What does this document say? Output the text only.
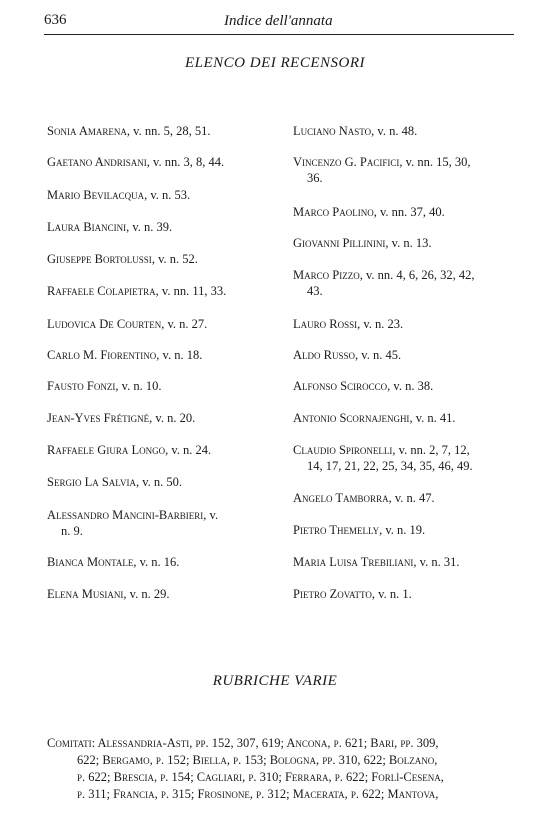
636	Indice dell'annata
ELENCO DEI RECENSORI
Sonia Amarena, v. nn. 5, 28, 51.
Gaetano Andrisani, v. nn. 3, 8, 44.
Mario Bevilacqua, v. n. 53.
Laura Biancini, v. n. 39.
Giuseppe Bortolussi, v. n. 52.
Raffaele Colapietra, v. nn. 11, 33.
Ludovica De Courten, v. n. 27.
Carlo M. Fiorentino, v. n. 18.
Fausto Fonzi, v. n. 10.
Jean-Yves Frétigné, v. n. 20.
Raffaele Giura Longo, v. n. 24.
Sergio La Salvia, v. n. 50.
Alessandro Mancini-Barbieri, v.
n. 9.
Bianca Montale, v. n. 16.
Elena Musiani, v. n. 29.
Luciano Nasto, v. n. 48.
Vincenzo G. Pacifici, v. nn. 15, 30,
36.
Marco Paolino, v. nn. 37, 40.
Giovanni Pillinini, v. n. 13.
Marco Pizzo, v. nn. 4, 6, 26, 32, 42,
43.
Lauro Rossi, v. n. 23.
Aldo Russo, v. n. 45.
Alfonso Scirocco, v. n. 38.
Antonio Scornajenghi, v. n. 41.
Claudio Spironelli, v. nn. 2, 7, 12,
14, 17, 21, 22, 25, 34, 35, 46, 49.
Angelo Tamborra, v. n. 47.
Pietro Themelly, v. n. 19.
Maria Luisa Trebiliani, v. n. 31.
Pietro Zovatto, v. n. 1.
RUBRICHE VARIE
Comitati: Alessandria-Asti, pp. 152, 307, 619; Ancona, p. 621; Bari, pp. 309,
622; Bergamo, p. 152; Biella, p. 153; Bologna, pp. 310, 622; Bolzano,
p. 622; Brescia, p. 154; Cagliari, p. 310; Ferrara, p. 622; Forlì-Cesena,
p. 311; Francia, p. 315; Frosinone, p. 312; Macerata, p. 622; Mantova,
